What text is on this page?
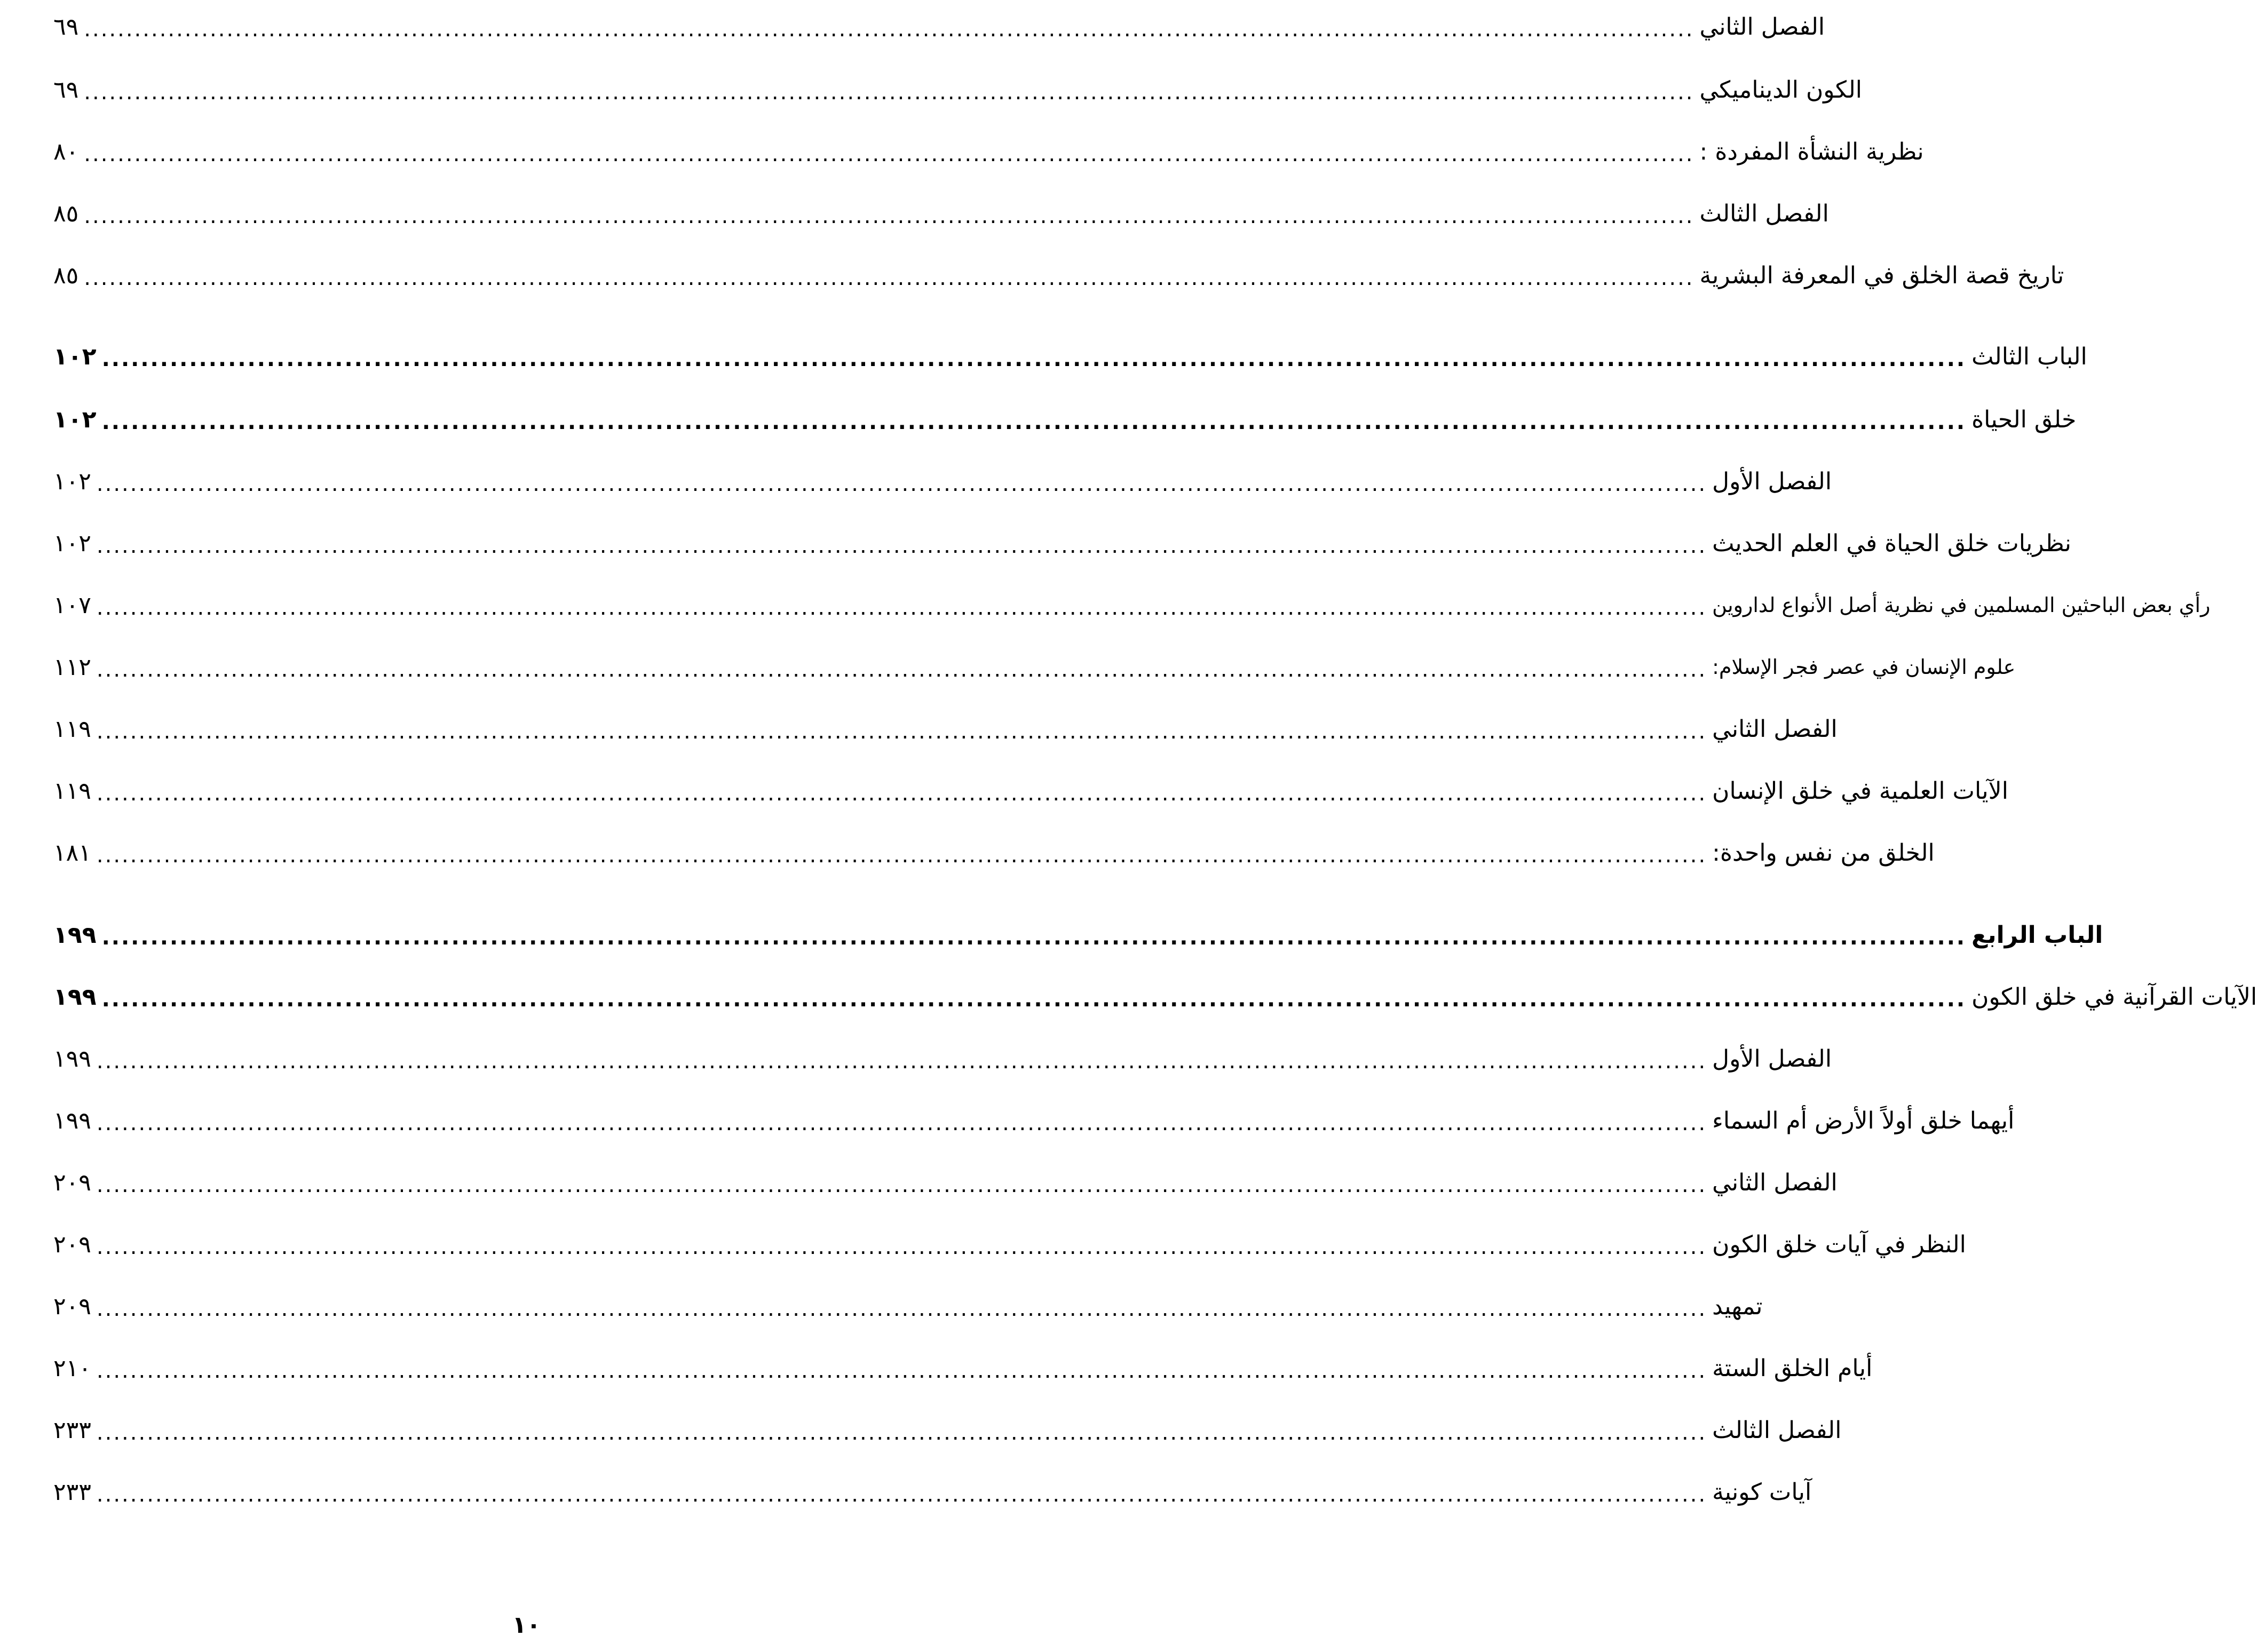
٦٩ ................................................................................................................................................................................................ الفصل الثاني
٦٩ ................................................................................................................................................................................................ الكون الديناميكي
٨٠ ................................................................................................................................................................................................ نظرية النشأة المفردة :
٨٥ ................................................................................................................................................................................................ الفصل الثالث
٨٥ ................................................................................................................................................................................................ تاريخ قصة الخلق في المعرفة البشرية
١٠٢ ................................................................................................................................................................................................ الباب الثالث
١٠٢ ................................................................................................................................................................................................ خلق الحياة
١٠٢ ................................................................................................................................................................................................ الفصل الأول
١٠٢ ................................................................................................................................................................................................ نظريات خلق الحياة في العلم الحديث
١٠٧ ................................................................................................................................................................................................ رأي بعض الباحثين المسلمين في نظرية أصل الأنواع لداروين
١١٢ ................................................................................................................................................................................................ علوم الإنسان في عصر فجر الإسلام:
١١٩ ................................................................................................................................................................................................ الفصل الثاني
١١٩ ................................................................................................................................................................................................ الآيات العلمية في خلق الإنسان
١٨١ ................................................................................................................................................................................................ الخلق من نفس واحدة:
١٩٩ ................................................................................................................................................................................................ الباب الرابع
١٩٩ ................................................................................................................................................................................................ الآيات القرآنية في خلق الكون
١٩٩ ................................................................................................................................................................................................ الفصل الأول
١٩٩ ................................................................................................................................................................................................ أيهما خلق أولاً الأرض أم السماء
٢٠٩ ................................................................................................................................................................................................ الفصل الثاني
٢٠٩ ................................................................................................................................................................................................ النظر في آيات خلق الكون
٢٠٩ ................................................................................................................................................................................................ تمهيد
٢١٠ ................................................................................................................................................................................................ أيام الخلق الستة
٢٣٣ ................................................................................................................................................................................................ الفصل الثالث
٢٣٣ ................................................................................................................................................................................................ آيات كونية
١٠
